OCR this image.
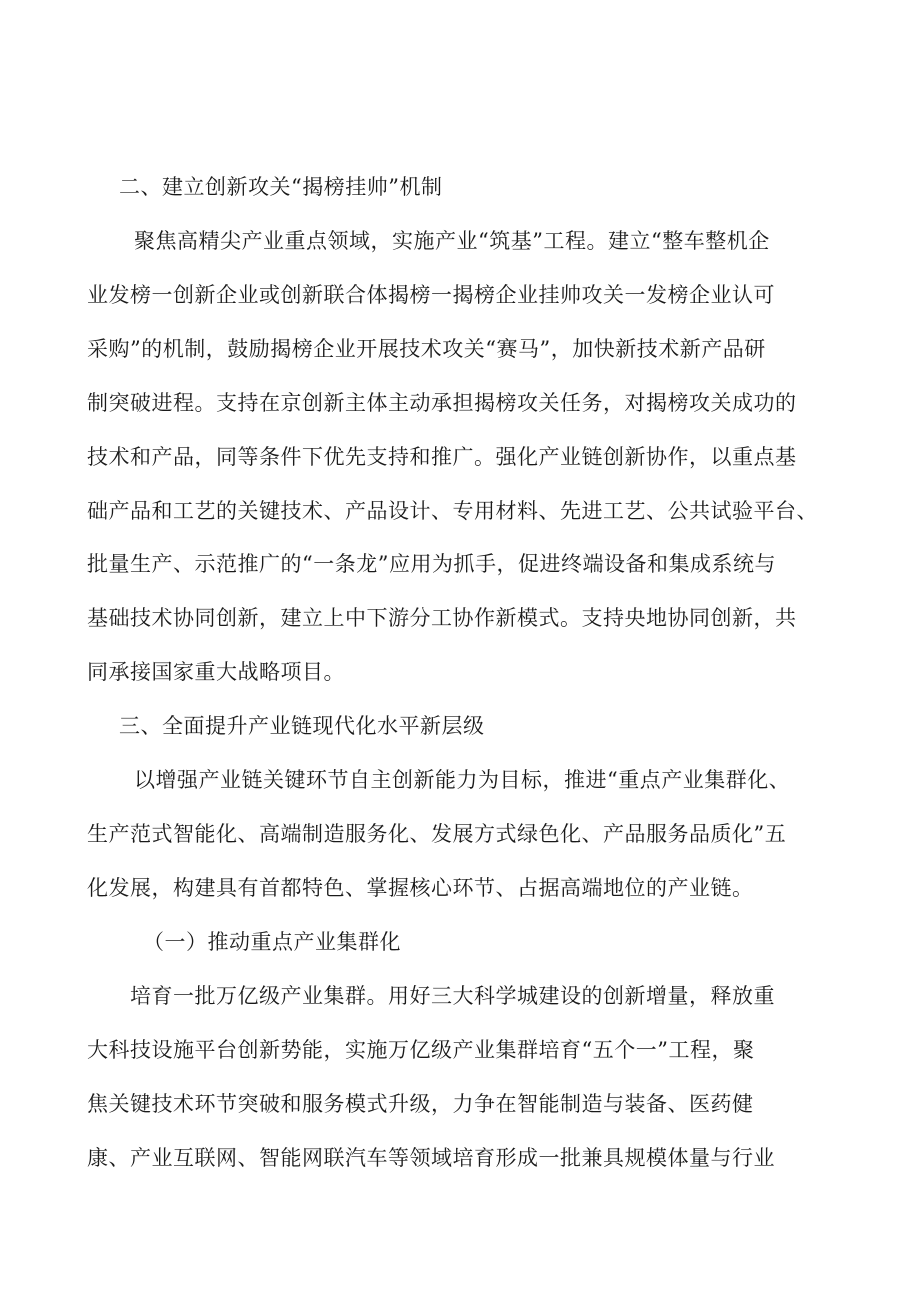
二、建立创新攻关“揭榜挂帅”机制
聚焦高精尖产业重点领域，实施产业“筑基”工程。建立“整车整机企
业发榜一创新企业或创新联合体揭榜一揭榜企业挂帅攻关一发榜企业认可
采购”的机制，鼓励揭榜企业开展技术攻关“赛马”，加快新技术新产品研
制突破进程。支持在京创新主体主动承担揭榜攻关任务，对揭榜攻关成功的
技术和产品，同等条件下优先支持和推广。强化产业链创新协作，以重点基
础产品和工艺的关键技术、产品设计、专用材料、先进工艺、公共试验平台、
批量生产、示范推广的“一条龙”应用为抓手，促进终端设备和集成系统与
基础技术协同创新，建立上中下游分工协作新模式。支持央地协同创新，共
同承接国家重大战略项目。
三、全面提升产业链现代化水平新层级
以增强产业链关键环节自主创新能力为目标，推进“重点产业集群化、
生产范式智能化、高端制造服务化、发展方式绿色化、产品服务品质化”五
化发展，构建具有首都特色、掌握核心环节、占据高端地位的产业链。
（一）推动重点产业集群化
培育一批万亿级产业集群。用好三大科学城建设的创新增量，释放重
大科技设施平台创新势能，实施万亿级产业集群培育“五个一”工程，聚
焦关键技术环节突破和服务模式升级，力争在智能制造与装备、医药健
康、产业互联网、智能网联汽车等领域培育形成一批兼具规模体量与行业
